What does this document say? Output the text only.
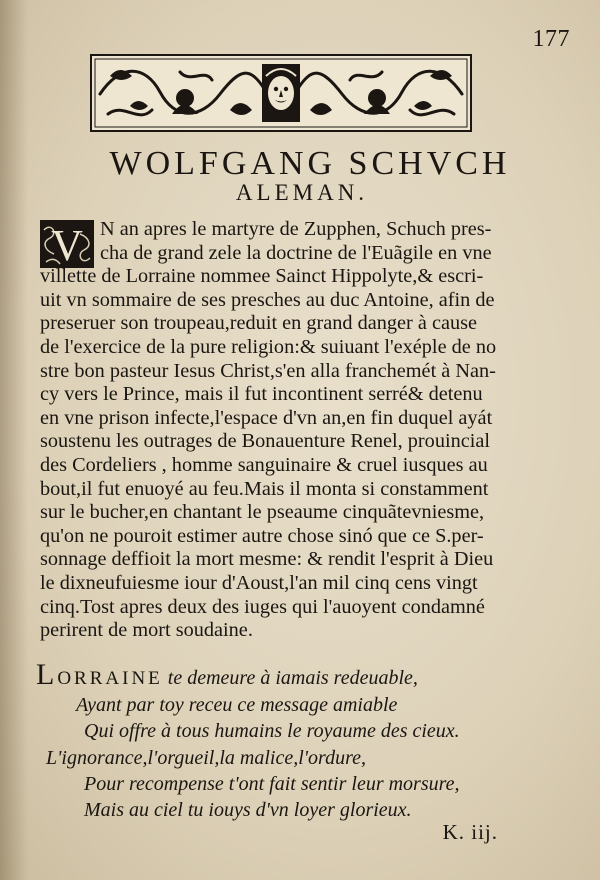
177
WOLFGANG SCHVCH
ALEMAN.
V N an apres le martyre de Zupphen, Schuch pres-
cha de grand zele la doctrine de l'Euãgile en vne
villette de Lorraine nommee Sainct Hippolyte,& escri-
uit vn sommaire de ses presches au duc Antoine, afin de
preseruer son troupeau,reduit en grand danger à cause
de l'exercice de la pure religion:& suiuant l'exéple de no
stre bon pasteur Iesus Christ,s'en alla franchemét à Nan-
cy vers le Prince, mais il fut incontinent serré& detenu
en vne prison infecte,l'espace d'vn an,en fin duquel ayát
soustenu les outrages de Bonauenture Renel, prouincial
des Cordeliers , homme sanguinaire & cruel iusques au
bout,il fut enuoyé au feu.Mais il monta si constamment
sur le bucher,en chantant le pseaume cinquãtevniesme,
qu'on ne pouroit estimer autre chose sinó que ce S.per-
sonnage deffioit la mort mesme: & rendit l'esprit à Dieu
le dixneufuiesme iour d'Aoust,l'an mil cinq cens vingt
cinq.Tost apres deux des iuges qui l'auoyent condamné
perirent de mort soudaine.
LORRAINE te demeure à iamais redeuable,
Ayant par toy receu ce message amiable
Qui offre à tous humains le royaume des cieux.
L'ignorance,l'orgueil,la malice,l'ordure,
Pour recompense t'ont fait sentir leur morsure,
Mais au ciel tu iouys d'vn loyer glorieux.
K. iij.
